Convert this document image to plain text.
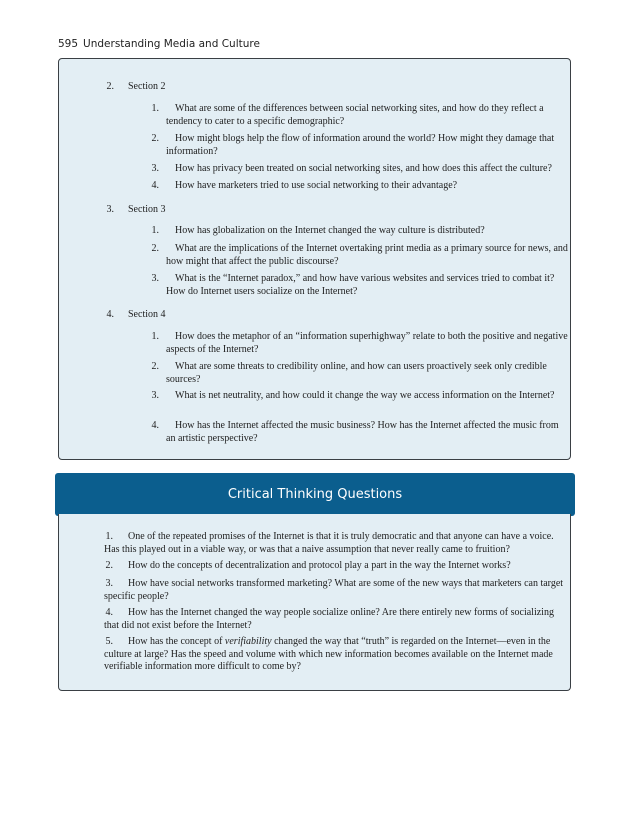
595 Understanding Media and Culture
2. Section 2
1.	What are some of the differences between social networking sites, and how do they reflect a tendency to cater to a specific demographic?
2.	How might blogs help the flow of information around the world? How might they damage that information?
3.	How has privacy been treated on social networking sites, and how does this affect the culture?
4.	How have marketers tried to use social networking to their advantage?
3. Section 3
1.	How has globalization on the Internet changed the way culture is distributed?
2.	What are the implications of the Internet overtaking print media as a primary source for news, and how might that affect the public discourse?
3.	What is the “Internet paradox,” and how have various websites and services tried to combat it? How do Internet users socialize on the Internet?
4. Section 4
1.	How does the metaphor of an “information superhighway” relate to both the positive and negative aspects of the Internet?
2.	What are some threats to credibility online, and how can users proactively seek only credible sources?
3.	What is net neutrality, and how could it change the way we access information on the Internet?
4.	How has the Internet affected the music business? How has the Internet affected the music from an artistic perspective?
Critical Thinking Questions
1.	One of the repeated promises of the Internet is that it is truly democratic and that anyone can have a voice. Has this played out in a viable way, or was that a naive assumption that never really came to fruition?
2.	How do the concepts of decentralization and protocol play a part in the way the Internet works?
3.	How have social networks transformed marketing? What are some of the new ways that marketers can target specific people?
4.	How has the Internet changed the way people socialize online? Are there entirely new forms of socializing that did not exist before the Internet?
5.	How has the concept of verifiability changed the way that “truth” is regarded on the Internet—even in the culture at large? Has the speed and volume with which new information becomes available on the Internet made verifiable information more difficult to come by?
